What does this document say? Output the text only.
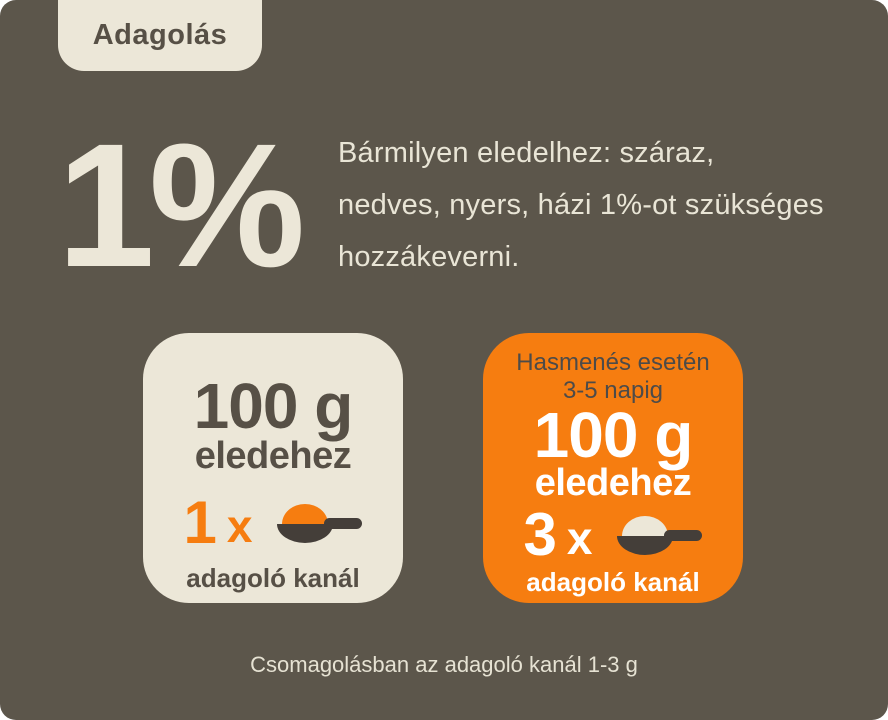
Adagolás
1% Bármilyen eledelhez: száraz,
nedves, nyers, házi 1%-ot szükséges
hozzákeverni.
100 g
eledehez
1 x
adagoló kanál
Hasmenés esetén
3-5 napig
100 g
eledehez
3 x
adagoló kanál
Csomagolásban az adagoló kanál 1-3 g
